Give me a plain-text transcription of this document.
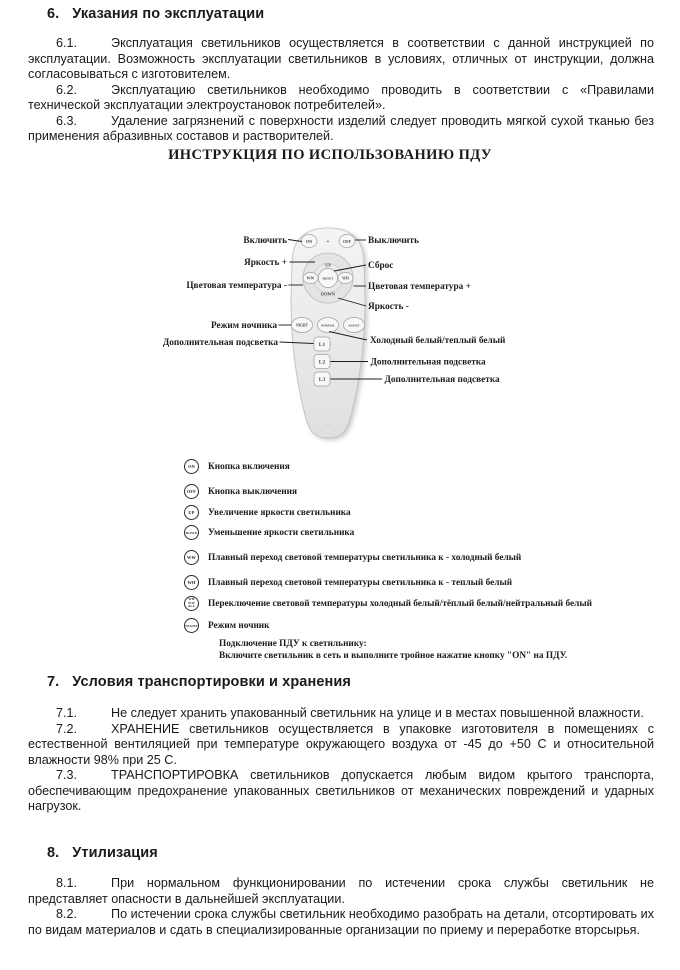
6. Указания по эксплуатации

6.1.	Эксплуатация светильников осуществляется в соответствии с данной инструкцией по эксплуатации. Возможность эксплуатации светильников в условиях, отличных от инструкции, должна согласовываться с изготовителем.

6.2.	Эксплуатацию светильников необходимо проводить в соответствии с «Правилами технической эксплуатации электроустановок потребителей».

6.3.	Удаление загрязнений с поверхности изделий следует проводить мягкой сухой тканью без применения абразивных составов и растворителей.

ИНСТРУКЦИЯ ПО ИСПОЛЬЗОВАНИЮ ПДУ
ON	+	OFF
UP
DOWN
WW	WH
RESET
NIGHT	NORMAL	ASSIST
L1
L2
L3
Включить
Яркость +
Цветовая температура -
Режим ночника
Дополнительная подсветка
Выключить
Сброс
Цветовая температура +
Яркость -
Холодный белый/теплый белый
Дополнительная подсветка
Дополнительная подсветка
ON	Кнопка включения
OFF	Кнопка выключения
UP	Увеличение яркости светильника
DOWN Уменьшение яркости светильника
WW	Плавный переход световой температуры светильника к - холодный белый
WH	Плавный переход световой температуры светильника к - теплый белый
WH
WW
ALL Переключение световой температуры холодный белый/тёплый белый/нейтральный белый
NIGHT Режим ночник
Подключение ПДУ к светильнику:
Включите светильник в сеть и выполните тройное нажатие кнопку "ON" на ПДУ.
7. Условия транспортировки и хранения

7.1.	Не следует хранить упакованный светильник на улице и в местах повышенной влажности.

7.2.	ХРАНЕНИЕ светильников осуществляется в упаковке изготовителя в помещениях с естественной вентиляцией при температуре окружающего воздуха от -45 до +50 С и относительной влажности 98% при 25 С.

7.3.	ТРАНСПОРТИРОВКА светильников допускается любым видом крытого транспорта, обеспечивающим предохранение упакованных светильников от механических повреждений и ударных нагрузок.

8. Утилизация

8.1.	При нормальном функционировании по истечении срока службы светильник не представляет опасности в дальнейшей эксплуатации.

8.2.	По истечении срока службы светильник необходимо разобрать на детали, отсортировать их по видам материалов и сдать в специализированные организации по приему и переработке вторсырья.
